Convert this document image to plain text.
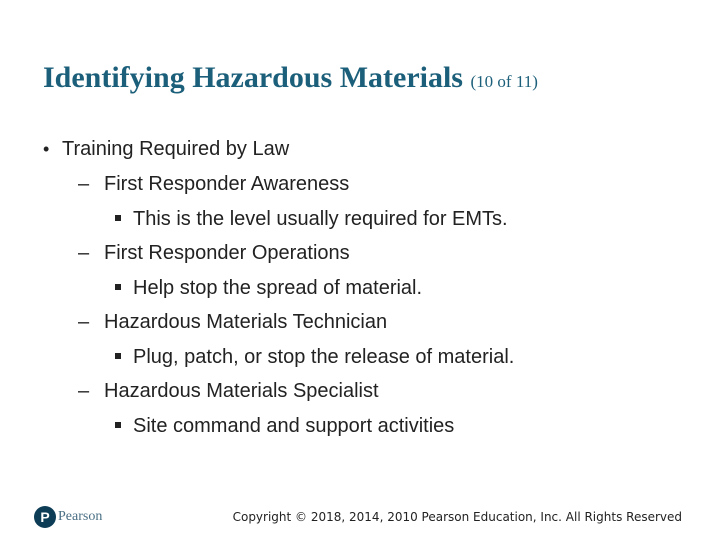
Identifying Hazardous Materials (10 of 11)
• Training Required by Law
– First Responder Awareness
This is the level usually required for EMTs.
– First Responder Operations
Help stop the spread of material.
– Hazardous Materials Technician
Plug, patch, or stop the release of material.
– Hazardous Materials Specialist
Site command and support activities
P Pearson	Copyright © 2018, 2014, 2010 Pearson Education, Inc. All Rights Reserved
